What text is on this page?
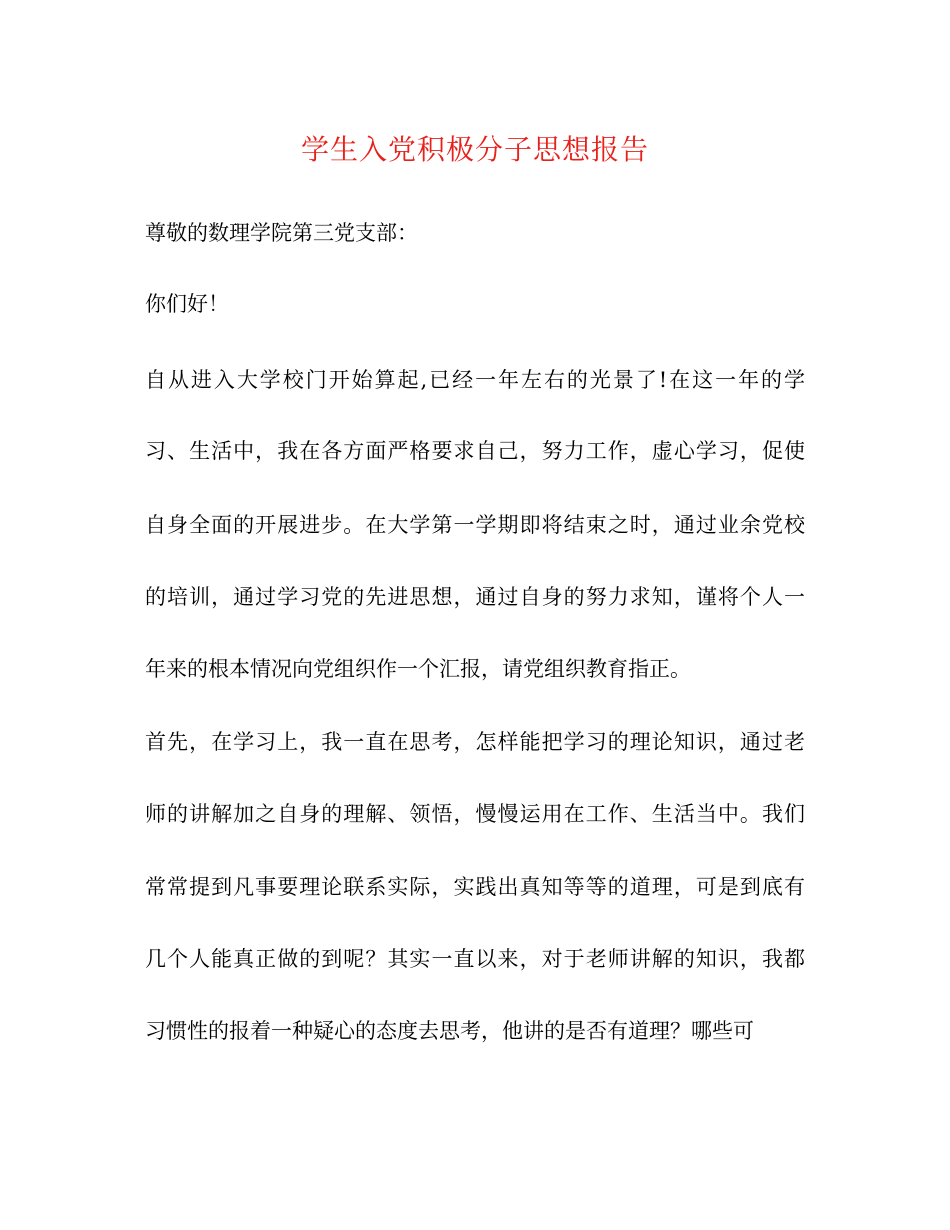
学生入党积极分子思想报告
尊敬的数理学院第三党支部：
你们好！
自从进入大学校门开始算起,已经一年左右的光景了!在这一年的学
习、生活中，我在各方面严格要求自己，努力工作，虚心学习，促使
自身全面的开展进步。在大学第一学期即将结束之时，通过业余党校
的培训，通过学习党的先进思想，通过自身的努力求知，谨将个人一
年来的根本情况向党组织作一个汇报，请党组织教育指正。
首先，在学习上，我一直在思考，怎样能把学习的理论知识，通过老
师的讲解加之自身的理解、领悟，慢慢运用在工作、生活当中。我们
常常提到凡事要理论联系实际，实践出真知等等的道理，可是到底有
几个人能真正做的到呢？其实一直以来，对于老师讲解的知识，我都
习惯性的报着一种疑心的态度去思考，他讲的是否有道理？哪些可
